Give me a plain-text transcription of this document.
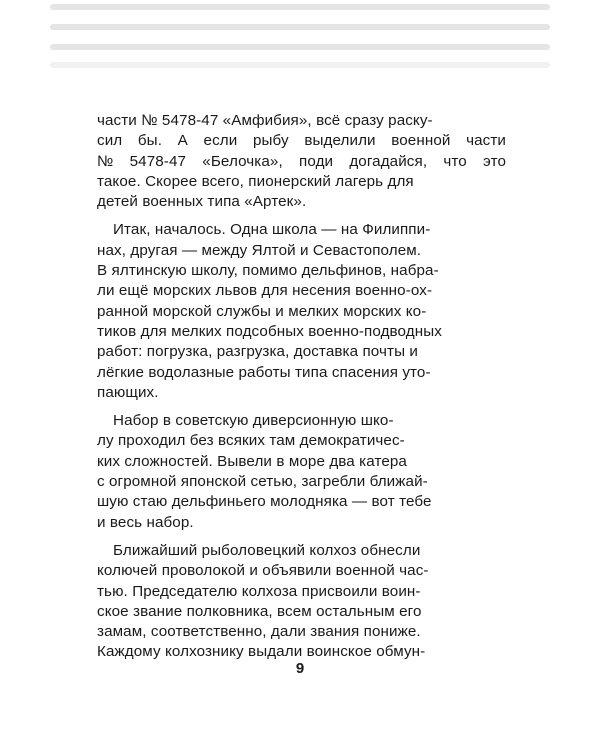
части № 5478-47 «Амфибия», всё сразу раску-
сил бы. А если рыбу выделили военной части
№ 5478-47 «Белочка», поди догадайся, что это
такое. Скорее всего, пионерский лагерь для
детей военных типа «Артек».
Итак, началось. Одна школа — на Филиппи-
нах, другая — между Ялтой и Севастополем.
В ялтинскую школу, помимо дельфинов, набра-
ли ещё морских львов для несения военно-ох-
ранной морской службы и мелких морских ко-
тиков для мелких подсобных военно-подводных
работ: погрузка, разгрузка, доставка почты и
лёгкие водолазные работы типа спасения уто-
пающих.
Набор в советскую диверсионную шко-
лу проходил без всяких там демократичес-
ких сложностей. Вывели в море два катера
с огромной японской сетью, загребли ближай-
шую стаю дельфиньего молодняка — вот тебе
и весь набор.
Ближайший рыболовецкий колхоз обнесли
колючей проволокой и объявили военной час-
тью. Председателю колхоза присвоили воин-
ское звание полковника, всем остальным его
замам, соответственно, дали звания пониже.
Каждому колхознику выдали воинское обмун-
9
